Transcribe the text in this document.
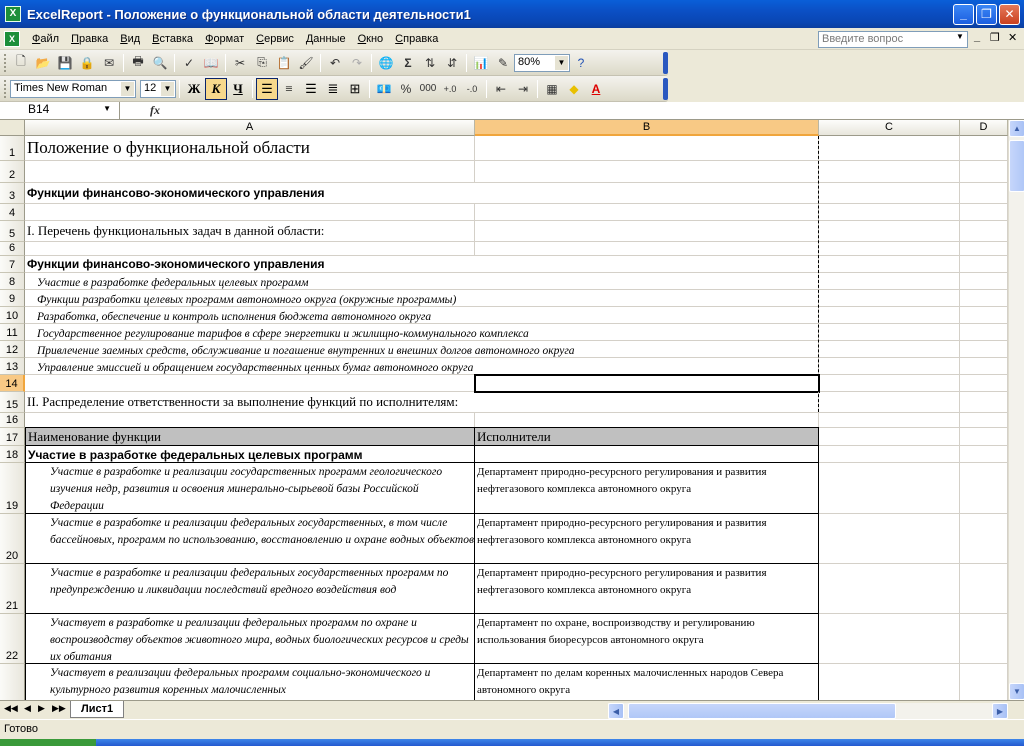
X ExcelReport - Положение о функциональной области деятельности1	_	❐	✕
X	Файл	Правка	Вид	Вставка	Формат	Сервис	Данные	Окно	Справка	Введите вопрос	▼ _ ❐ ✕
🗋 📂 💾 🔒 ✉	🖶 🔍	✓ 📖	✂	⎘ 📋 🖌	↶ ↷	🌐 Σ	⇅ ⇵	📊 ✎ 80%	▼	?
Times New Roman	▼	12 ▼	Ж К Ч	☰ ≡ ☰ ≣ ⊞	💶 % 000 +.0	-.0	⇤ ⇥	▦ ◆	A
B14	▼	fx
A	B	C	D
1
2
3
4
5
6
7
8
9
10
11
12
13
14
15
16
17
18
19
20
21
22
Положение о функциональной области
Функции финансово-экономического управления
I. Перечень функциональных задач в данной области:
Функции финансово-экономического управления
Участие в разработке федеральных целевых программ
Функции разработки целевых программ автономного округа (окружные программы)
Разработка, обеспечение и контроль исполнения бюджета автономного округа
Государственное регулирование тарифов в сфере энергетики и жилищно-коммунального комплекса
Привлечение заемных средств, обслуживание и погашение внутренних и внешних долгов автономного округа
Управление эмиссией и обращением государственных ценных бумаг автономного округа
II. Распределение ответственности за выполнение функций по исполнителям:
Наименование функции	Исполнители
Участие в разработке федеральных целевых программ
Участие в разработке и реализации государственных программ геологического изучения недр, развития и освоения минерально-сырьевой базы Российской Федерации
Департамент природно-ресурсного регулирования и развития нефтегазового комплекса автономного округа
Участие в разработке и реализации федеральных государственных, в том числе бассейновых, программ по использованию, восстановлению и охране водных объектов
Департамент природно-ресурсного регулирования и развития нефтегазового комплекса автономного округа
Участие в разработке и реализации федеральных государственных программ по предупреждению и ликвидации последствий вредного воздействия вод
Департамент природно-ресурсного регулирования и развития нефтегазового комплекса автономного округа
Участвует в разработке и реализации федеральных программ по охране и воспроизводству объектов животного мира, водных биологических ресурсов и среды их обитания
Департамент по охране, воспроизводству и регулированию использования биоресурсов автономного округа
Участвует в реализации федеральных программ социально-экономического и культурного развития коренных малочисленных
Департамент по делам коренных малочисленных народов Севера автономного округа
▲
▼
◀◀ ◀ ▶ ▶▶	Лист1	◀	▶
Готово
